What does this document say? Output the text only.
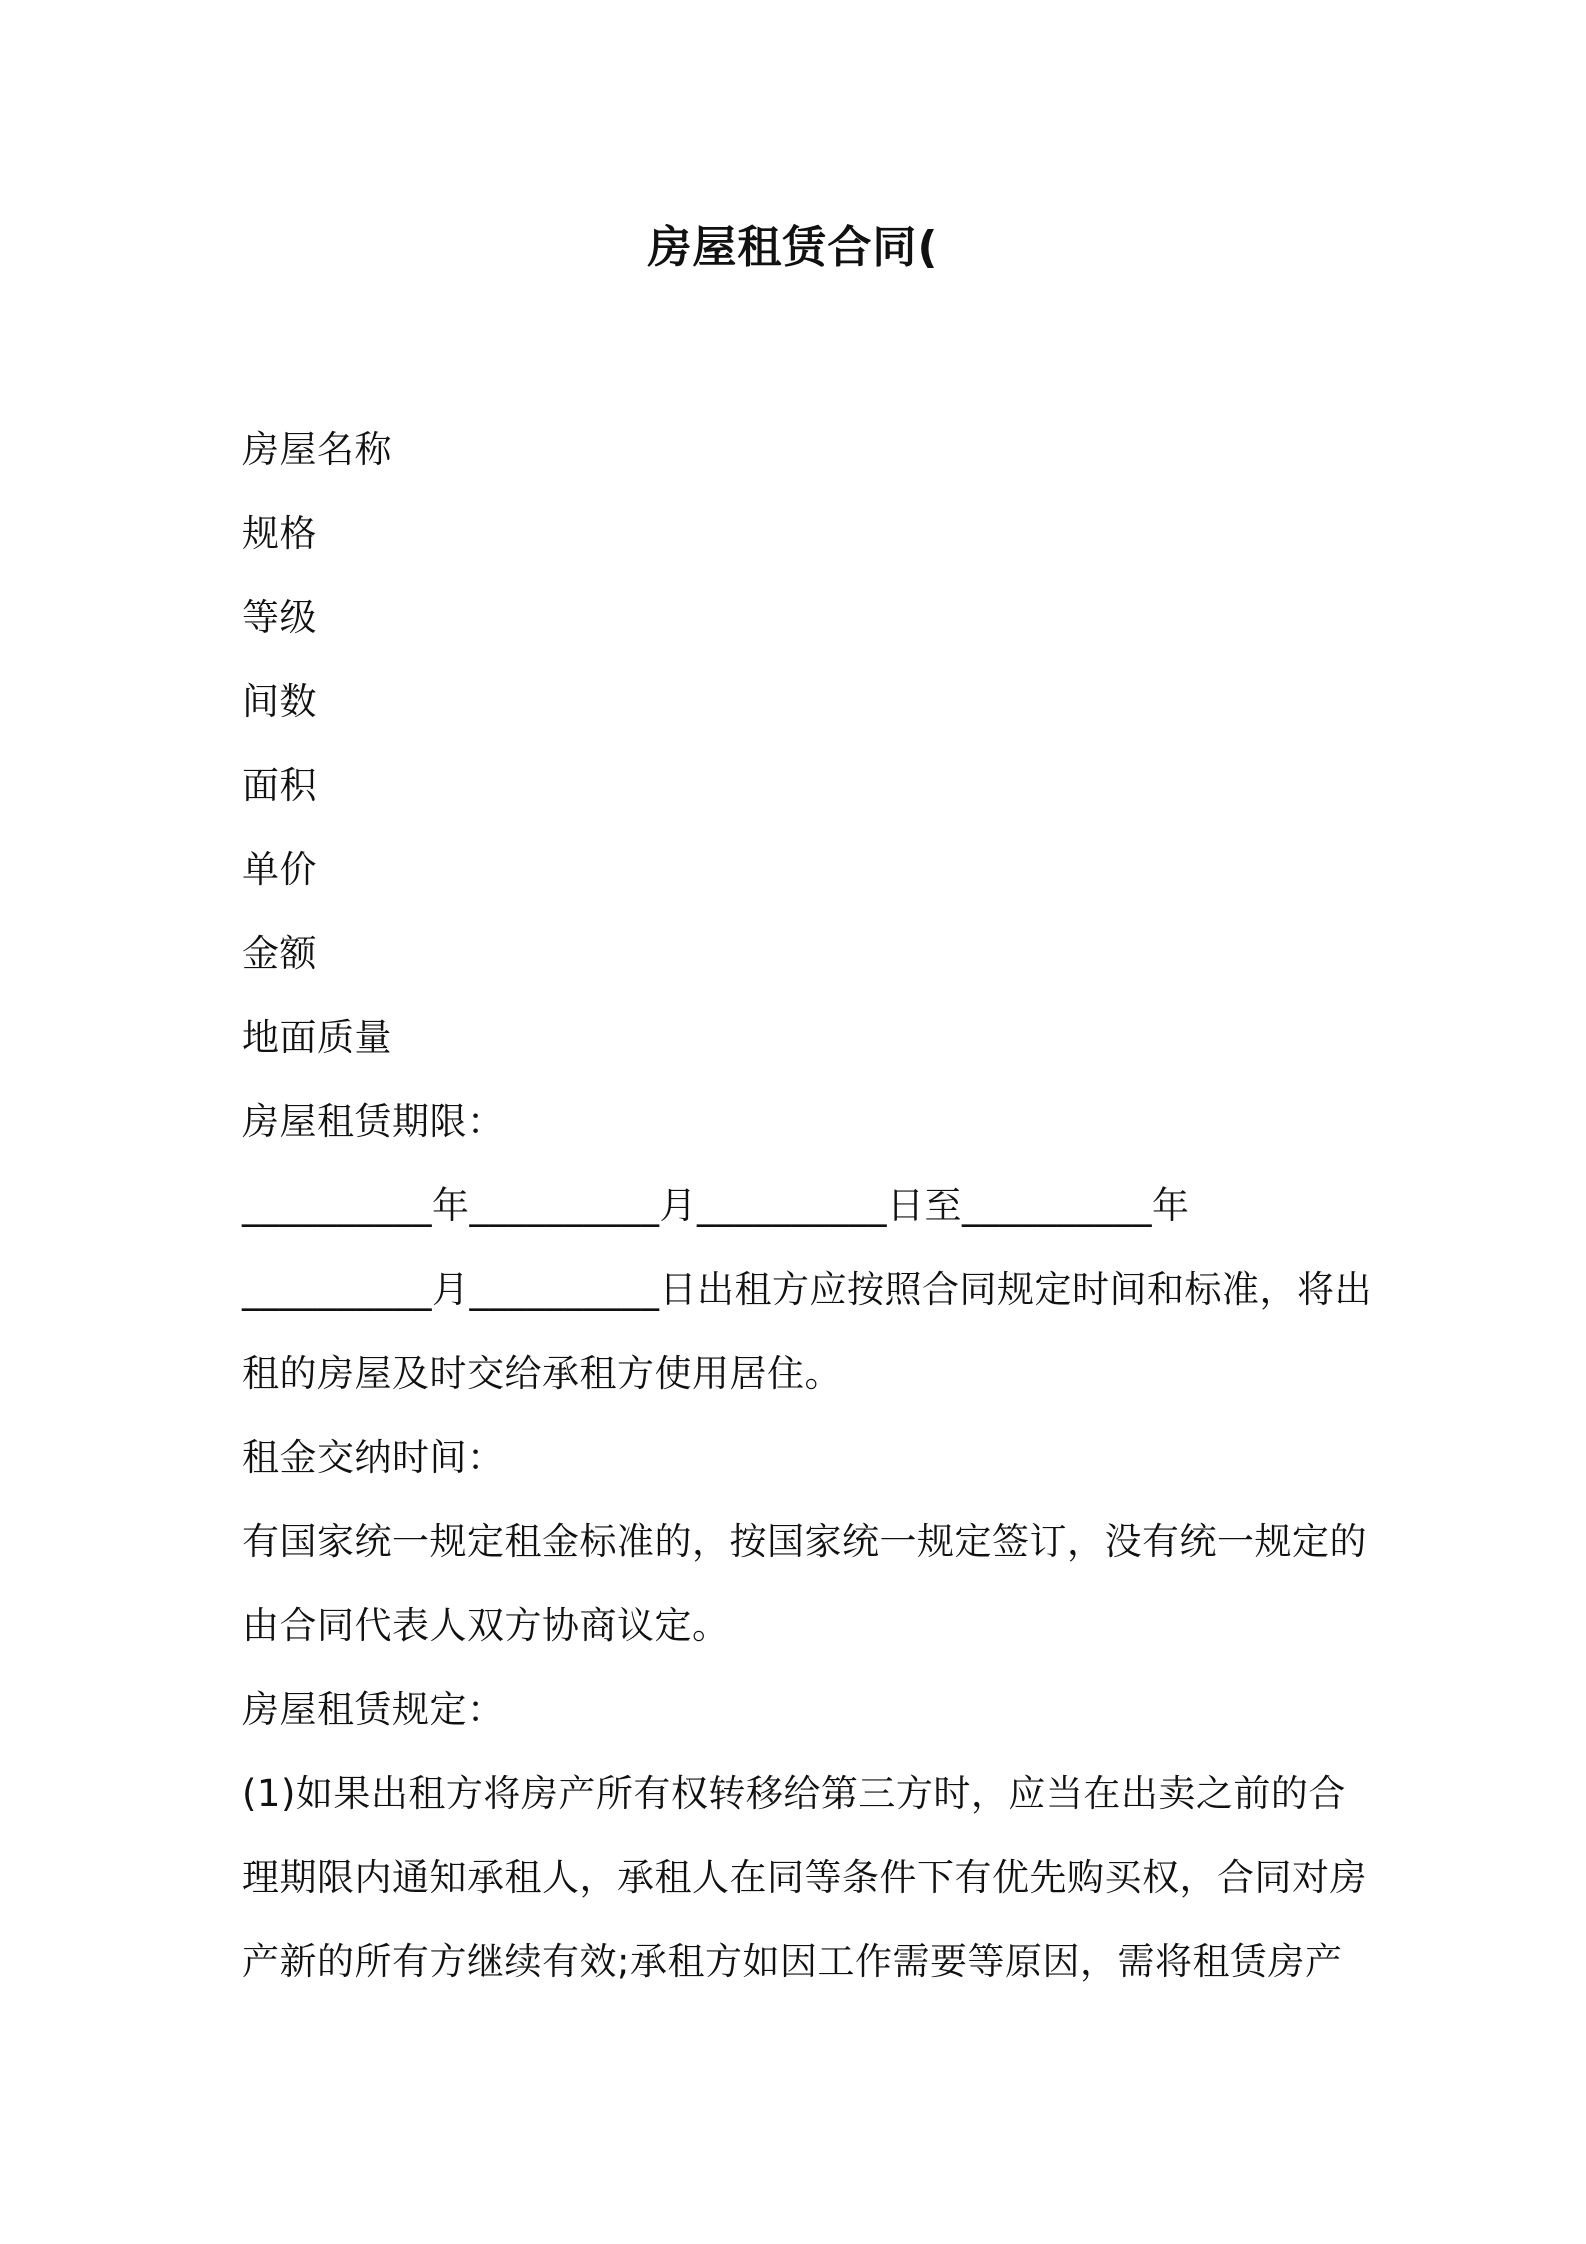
房屋租赁合同(
房屋名称
规格
等级
间数
面积
单价
金额
地面质量
房屋租赁期限：
__________年__________月__________日至__________年
__________月__________日出租方应按照合同规定时间和标准，将出
租的房屋及时交给承租方使用居住。
租金交纳时间：
有国家统一规定租金标准的，按国家统一规定签订，没有统一规定的
由合同代表人双方协商议定。
房屋租赁规定：
(1)如果出租方将房产所有权转移给第三方时，应当在出卖之前的合
理期限内通知承租人，承租人在同等条件下有优先购买权，合同对房
产新的所有方继续有效;承租方如因工作需要等原因，需将租赁房产
